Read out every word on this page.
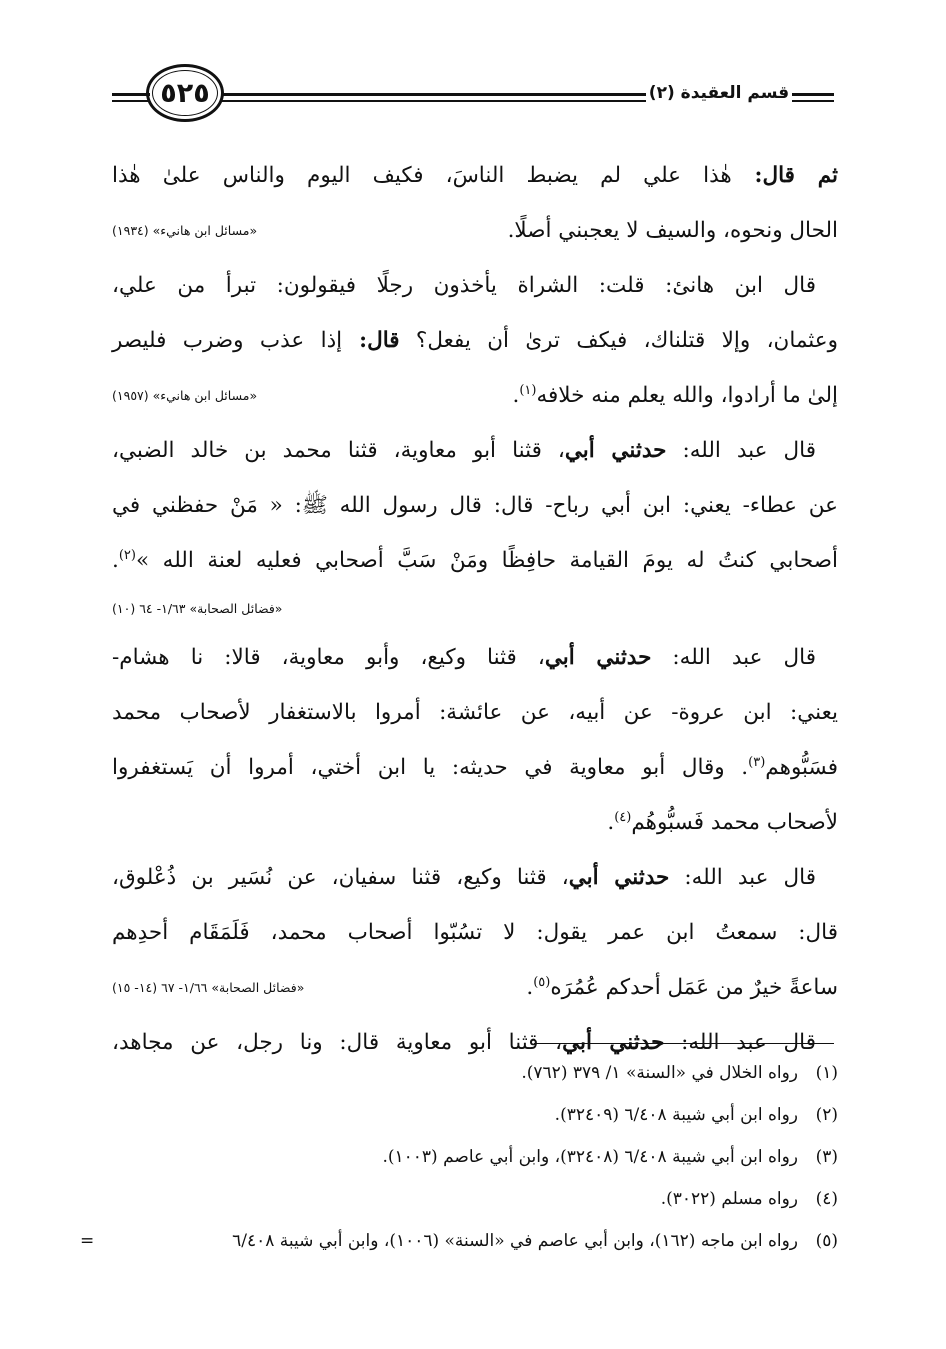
٥٢٥	قسم العقيدة (٢)
ثم قال: هٰذا علي لم يضبط الناسَ، فكيف اليوم والناس علىٰ هٰذا
الحال ونحوه، والسيف لا يعجبني أصلًا.
«مسائل ابن هانيء» (١٩٣٤)
قال ابن هانئ: قلت: الشراة يأخذون رجلًا فيقولون: تبرأ من علي،
وعثمان، وإلا قتلناك، فيكف ترىٰ أن يفعل؟ قال: إذا عذب وضرب فليصر
إلىٰ ما أرادوا، والله يعلم منه خلافه$^{(١)}$.
«مسائل ابن هانيء» (١٩٥٧)
قال عبد الله: حدثني أبي، قثنا أبو معاوية، قثنا محمد بن خالد الضبي،
عن عطاء- يعني: ابن أبي رباح- قال: قال رسول الله ﷺ: « مَنْ حفظني في
أصحابي كنتُ له يومَ القيامة حافِظًا ومَنْ سَبَّ أصحابي فعليه لعنة الله »$^{(٢)}$.
«فضائل الصحابة» ١/٦٣- ٦٤ (١٠)
قال عبد الله: حدثني أبي، قثنا وكيع، وأبو معاوية، قالا: نا هشام-
يعني: ابن عروة- عن أبيه، عن عائشة: أمروا بالاستغفار لأصحاب محمد
فسَبُّوهم$^{(٣)}$. وقال أبو معاوية في حديثه: يا ابن أختي، أمروا أن يَستغفروا
لأصحاب محمد فَسبُّوهُم$^{(٤)}$.
قال عبد الله: حدثني أبي، قثنا وكيع، قثنا سفيان، عن نُسَير بن ذُعْلوق،
قال: سمعتُ ابن عمر يقول: لا تسُبّوا أصحاب محمد، فَلَمَقَام أحدِهم
ساعةً خيرٌ من عَمَل أحدكم عُمُرَه$^{(٥)}$.
«فضائل الصحابة» ١/٦٦- ٦٧ (١٤- ١٥)
قال عبد الله: حدثني أبي، قثنا أبو معاوية قال: ونا رجل، عن مجاهد،
(١)رواه الخلال في «السنة» ١/ ٣٧٩ (٧٦٢).
(٢)رواه ابن أبي شيبة ٦/٤٠٨ (٣٢٤٠٩).
(٣)رواه ابن أبي شيبة ٦/٤٠٨ (٣٢٤٠٨)، وابن أبي عاصم (١٠٠٣).
(٤)رواه مسلم (٣٠٢٢).
(٥)رواه ابن ماجه (١٦٢)، وابن أبي عاصم في «السنة» (١٠٠٦)، وابن أبي شيبة ٦/٤٠٨
=
